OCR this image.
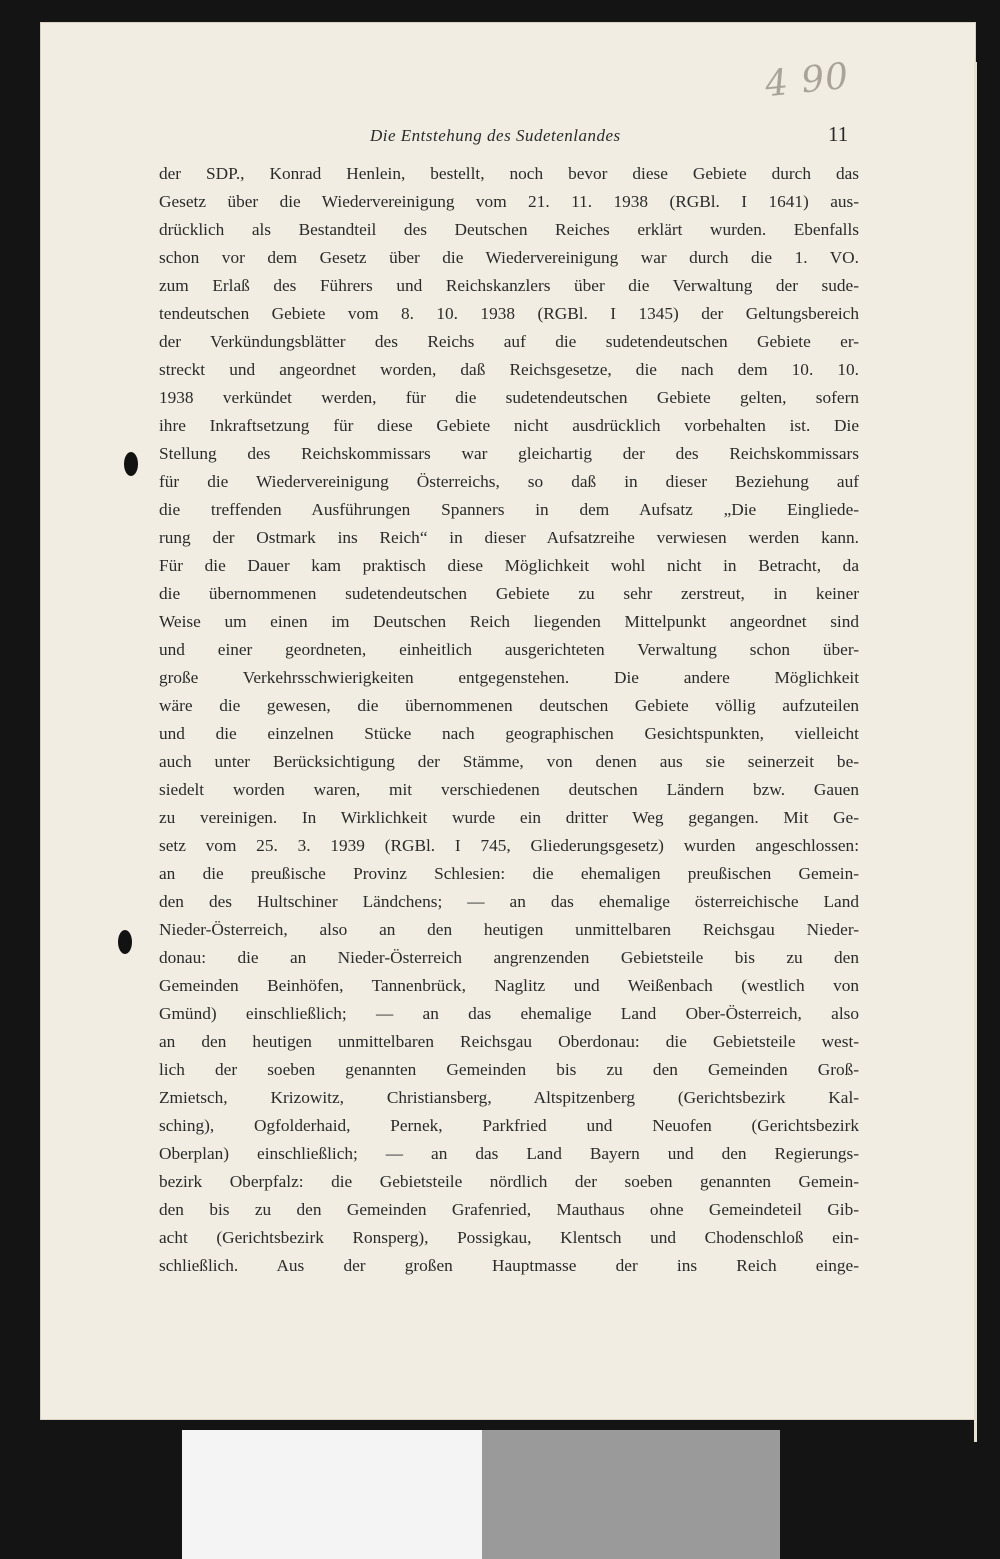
Die Entstehung des Sudetenlandes	11
4 90
der SDP., Konrad Henlein, bestellt, noch bevor diese Gebiete durch das
Gesetz über die Wiedervereinigung vom 21. 11. 1938 (RGBl. I 1641) aus-
drücklich als Bestandteil des Deutschen Reiches erklärt wurden. Ebenfalls
schon vor dem Gesetz über die Wiedervereinigung war durch die 1. VO.
zum Erlaß des Führers und Reichskanzlers über die Verwaltung der sude-
tendeutschen Gebiete vom 8. 10. 1938 (RGBl. I 1345) der Geltungsbereich
der Verkündungsblätter des Reichs auf die sudetendeutschen Gebiete er-
streckt und angeordnet worden, daß Reichsgesetze, die nach dem 10. 10.
1938 verkündet werden, für die sudetendeutschen Gebiete gelten, sofern
ihre Inkraftsetzung für diese Gebiete nicht ausdrücklich vorbehalten ist. Die
Stellung des Reichskommissars war gleichartig der des Reichskommissars
für die Wiedervereinigung Österreichs, so daß in dieser Beziehung auf
die treffenden Ausführungen Spanners in dem Aufsatz „Die Eingliede-
rung der Ostmark ins Reich“ in dieser Aufsatzreihe verwiesen werden kann.
Für die Dauer kam praktisch diese Möglichkeit wohl nicht in Betracht, da
die übernommenen sudetendeutschen Gebiete zu sehr zerstreut, in keiner
Weise um einen im Deutschen Reich liegenden Mittelpunkt angeordnet sind
und einer geordneten, einheitlich ausgerichteten Verwaltung schon über-
große Verkehrsschwierigkeiten entgegenstehen. Die andere Möglichkeit
wäre die gewesen, die übernommenen deutschen Gebiete völlig aufzuteilen
und die einzelnen Stücke nach geographischen Gesichtspunkten, vielleicht
auch unter Berücksichtigung der Stämme, von denen aus sie seinerzeit be-
siedelt worden waren, mit verschiedenen deutschen Ländern bzw. Gauen
zu vereinigen. In Wirklichkeit wurde ein dritter Weg gegangen. Mit Ge-
setz vom 25. 3. 1939 (RGBl. I 745, Gliederungsgesetz) wurden angeschlossen:
an die preußische Provinz Schlesien: die ehemaligen preußischen Gemein-
den des Hultschiner Ländchens; — an das ehemalige österreichische Land
Nieder-Österreich, also an den heutigen unmittelbaren Reichsgau Nieder-
donau: die an Nieder-Österreich angrenzenden Gebietsteile bis zu den
Gemeinden Beinhöfen, Tannenbrück, Naglitz und Weißenbach (westlich von
Gmünd) einschließlich; — an das ehemalige Land Ober-Österreich, also
an den heutigen unmittelbaren Reichsgau Oberdonau: die Gebietsteile west-
lich der soeben genannten Gemeinden bis zu den Gemeinden Groß-
Zmietsch, Krizowitz, Christiansberg, Altspitzenberg (Gerichtsbezirk Kal-
sching), Ogfolderhaid, Pernek, Parkfried und Neuofen (Gerichtsbezirk
Oberplan) einschließlich; — an das Land Bayern und den Regierungs-
bezirk Oberpfalz: die Gebietsteile nördlich der soeben genannten Gemein-
den bis zu den Gemeinden Grafenried, Mauthaus ohne Gemeindeteil Gib-
acht (Gerichtsbezirk Ronsperg), Possigkau, Klentsch und Chodenschloß ein-
schließlich. Aus der großen Hauptmasse der ins Reich einge-
